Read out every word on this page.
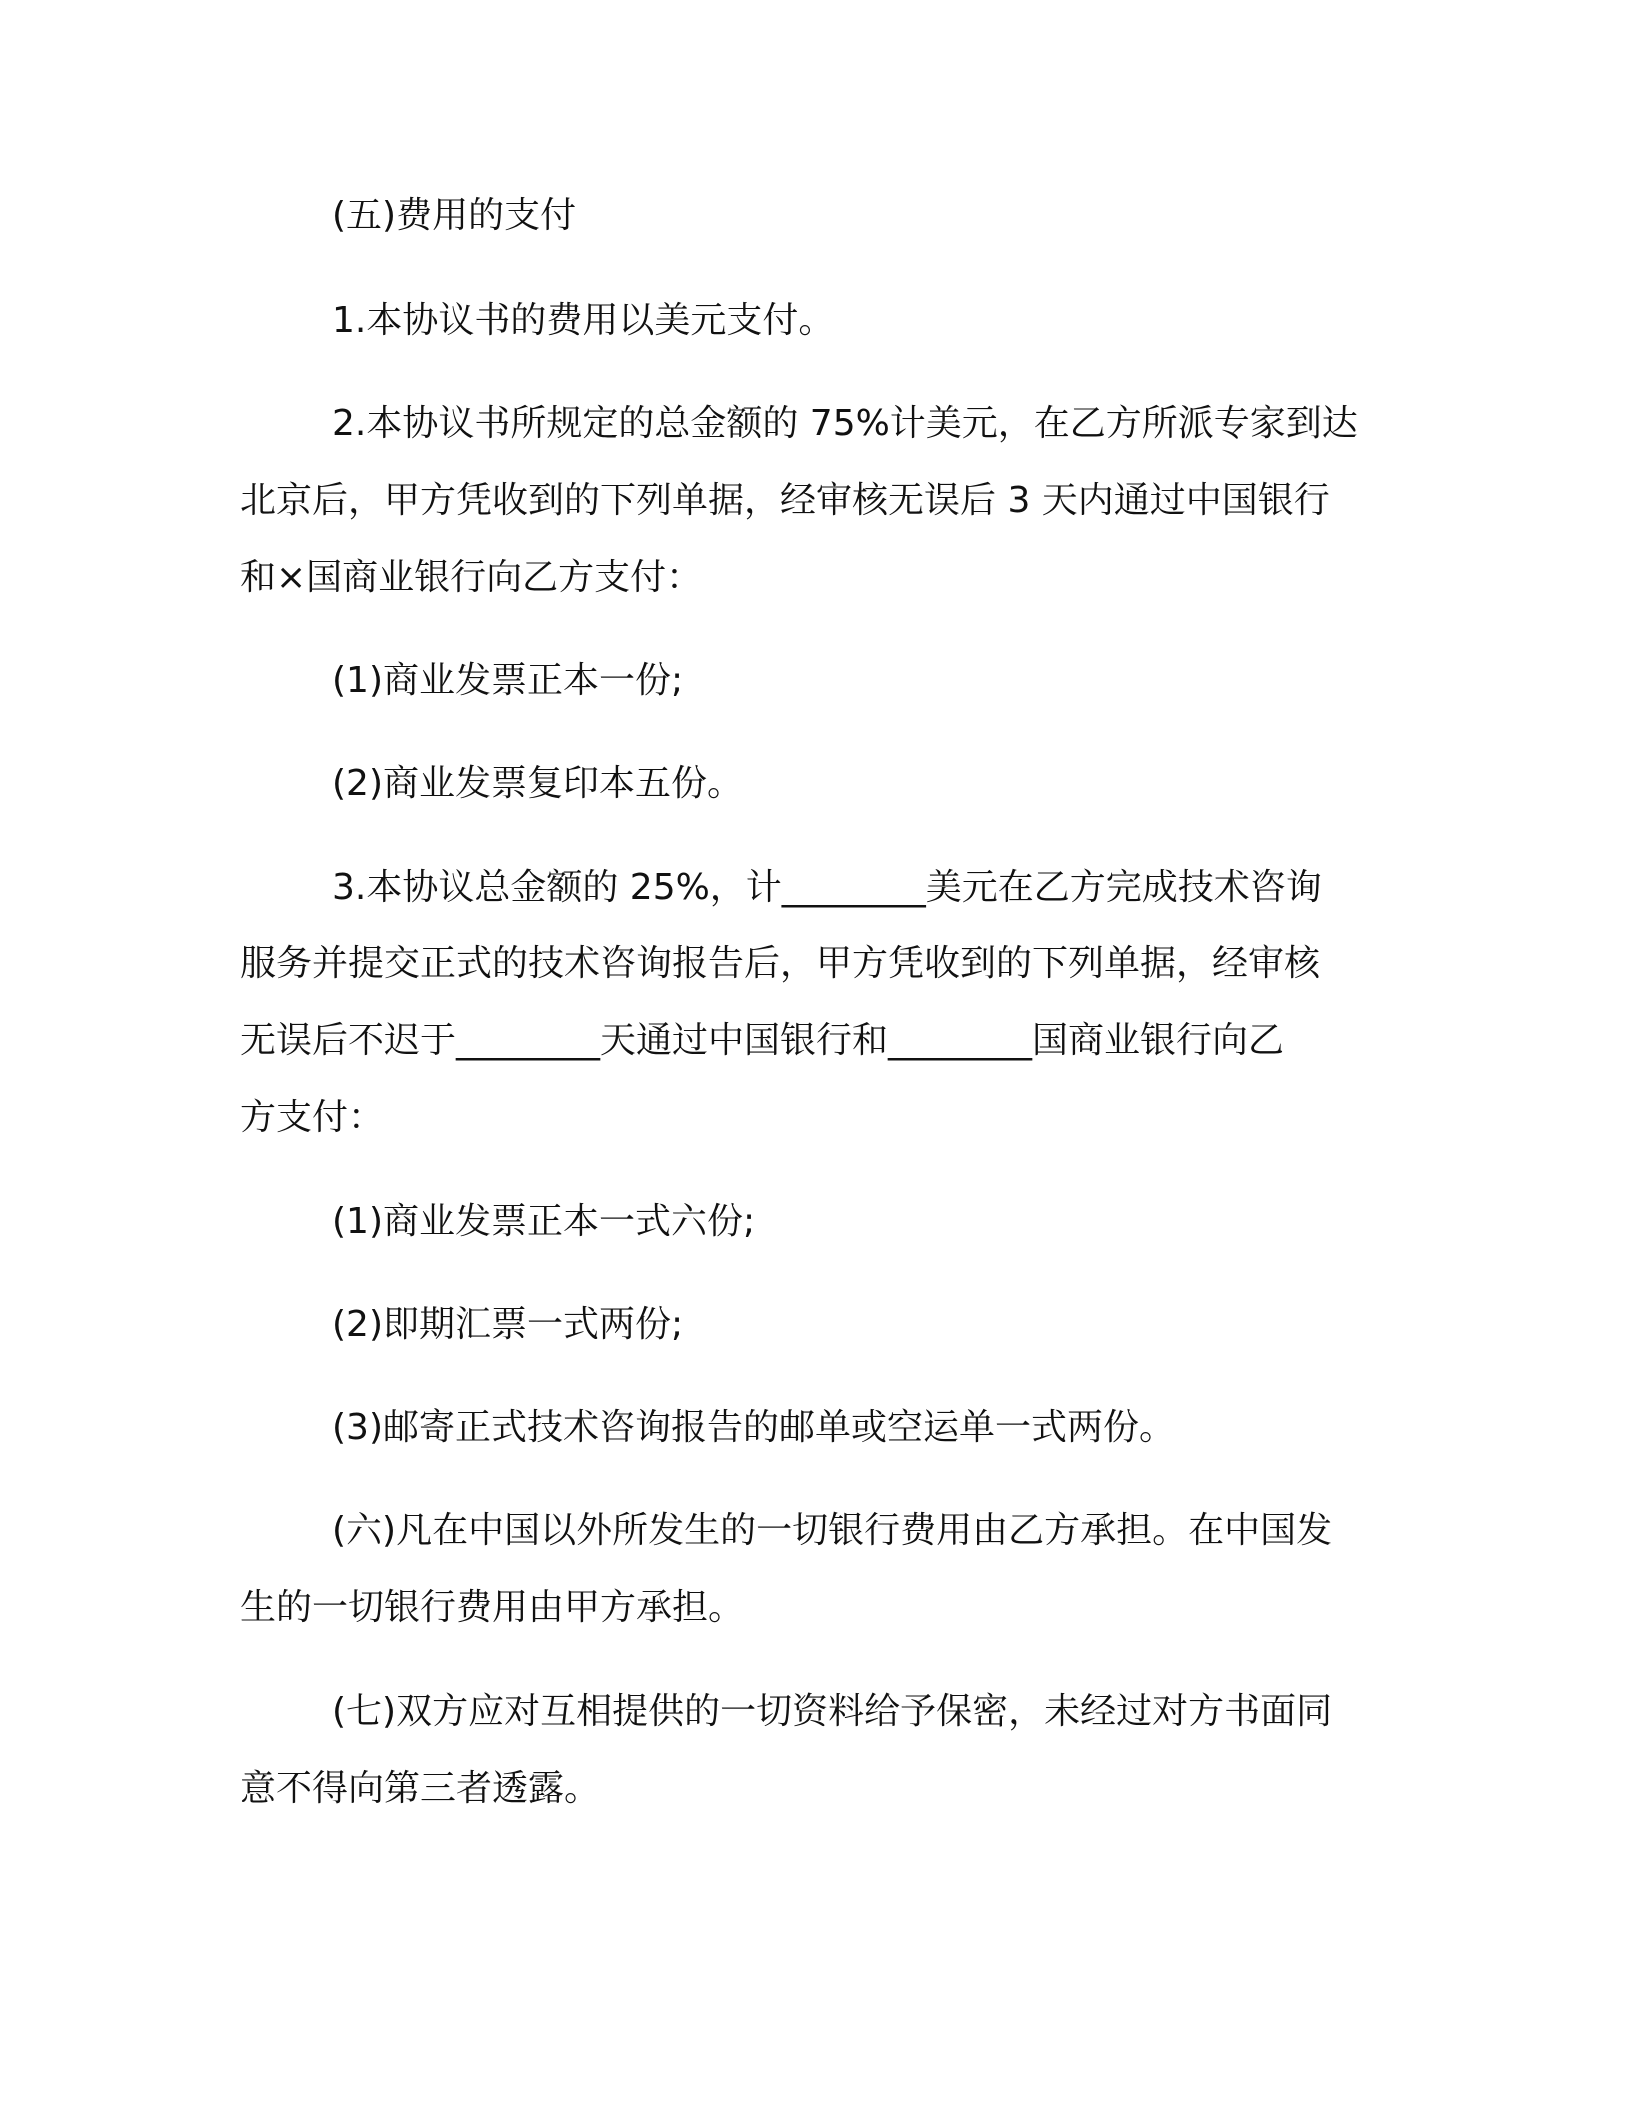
(五)费用的支付

1.本协议书的费用以美元支付。

2.本协议书所规定的总金额的 75%计美元，在乙方所派专家到达

北京后，甲方凭收到的下列单据，经审核无误后 3 天内通过中国银行

和×国商业银行向乙方支付：

(1)商业发票正本一份;

(2)商业发票复印本五份。

3.本协议总金额的 25%，计________美元在乙方完成技术咨询

服务并提交正式的技术咨询报告后，甲方凭收到的下列单据，经审核

无误后不迟于________天通过中国银行和________国商业银行向乙

方支付：

(1)商业发票正本一式六份;

(2)即期汇票一式两份;

(3)邮寄正式技术咨询报告的邮单或空运单一式两份。

(六)凡在中国以外所发生的一切银行费用由乙方承担。在中国发

生的一切银行费用由甲方承担。

(七)双方应对互相提供的一切资料给予保密，未经过对方书面同

意不得向第三者透露。
